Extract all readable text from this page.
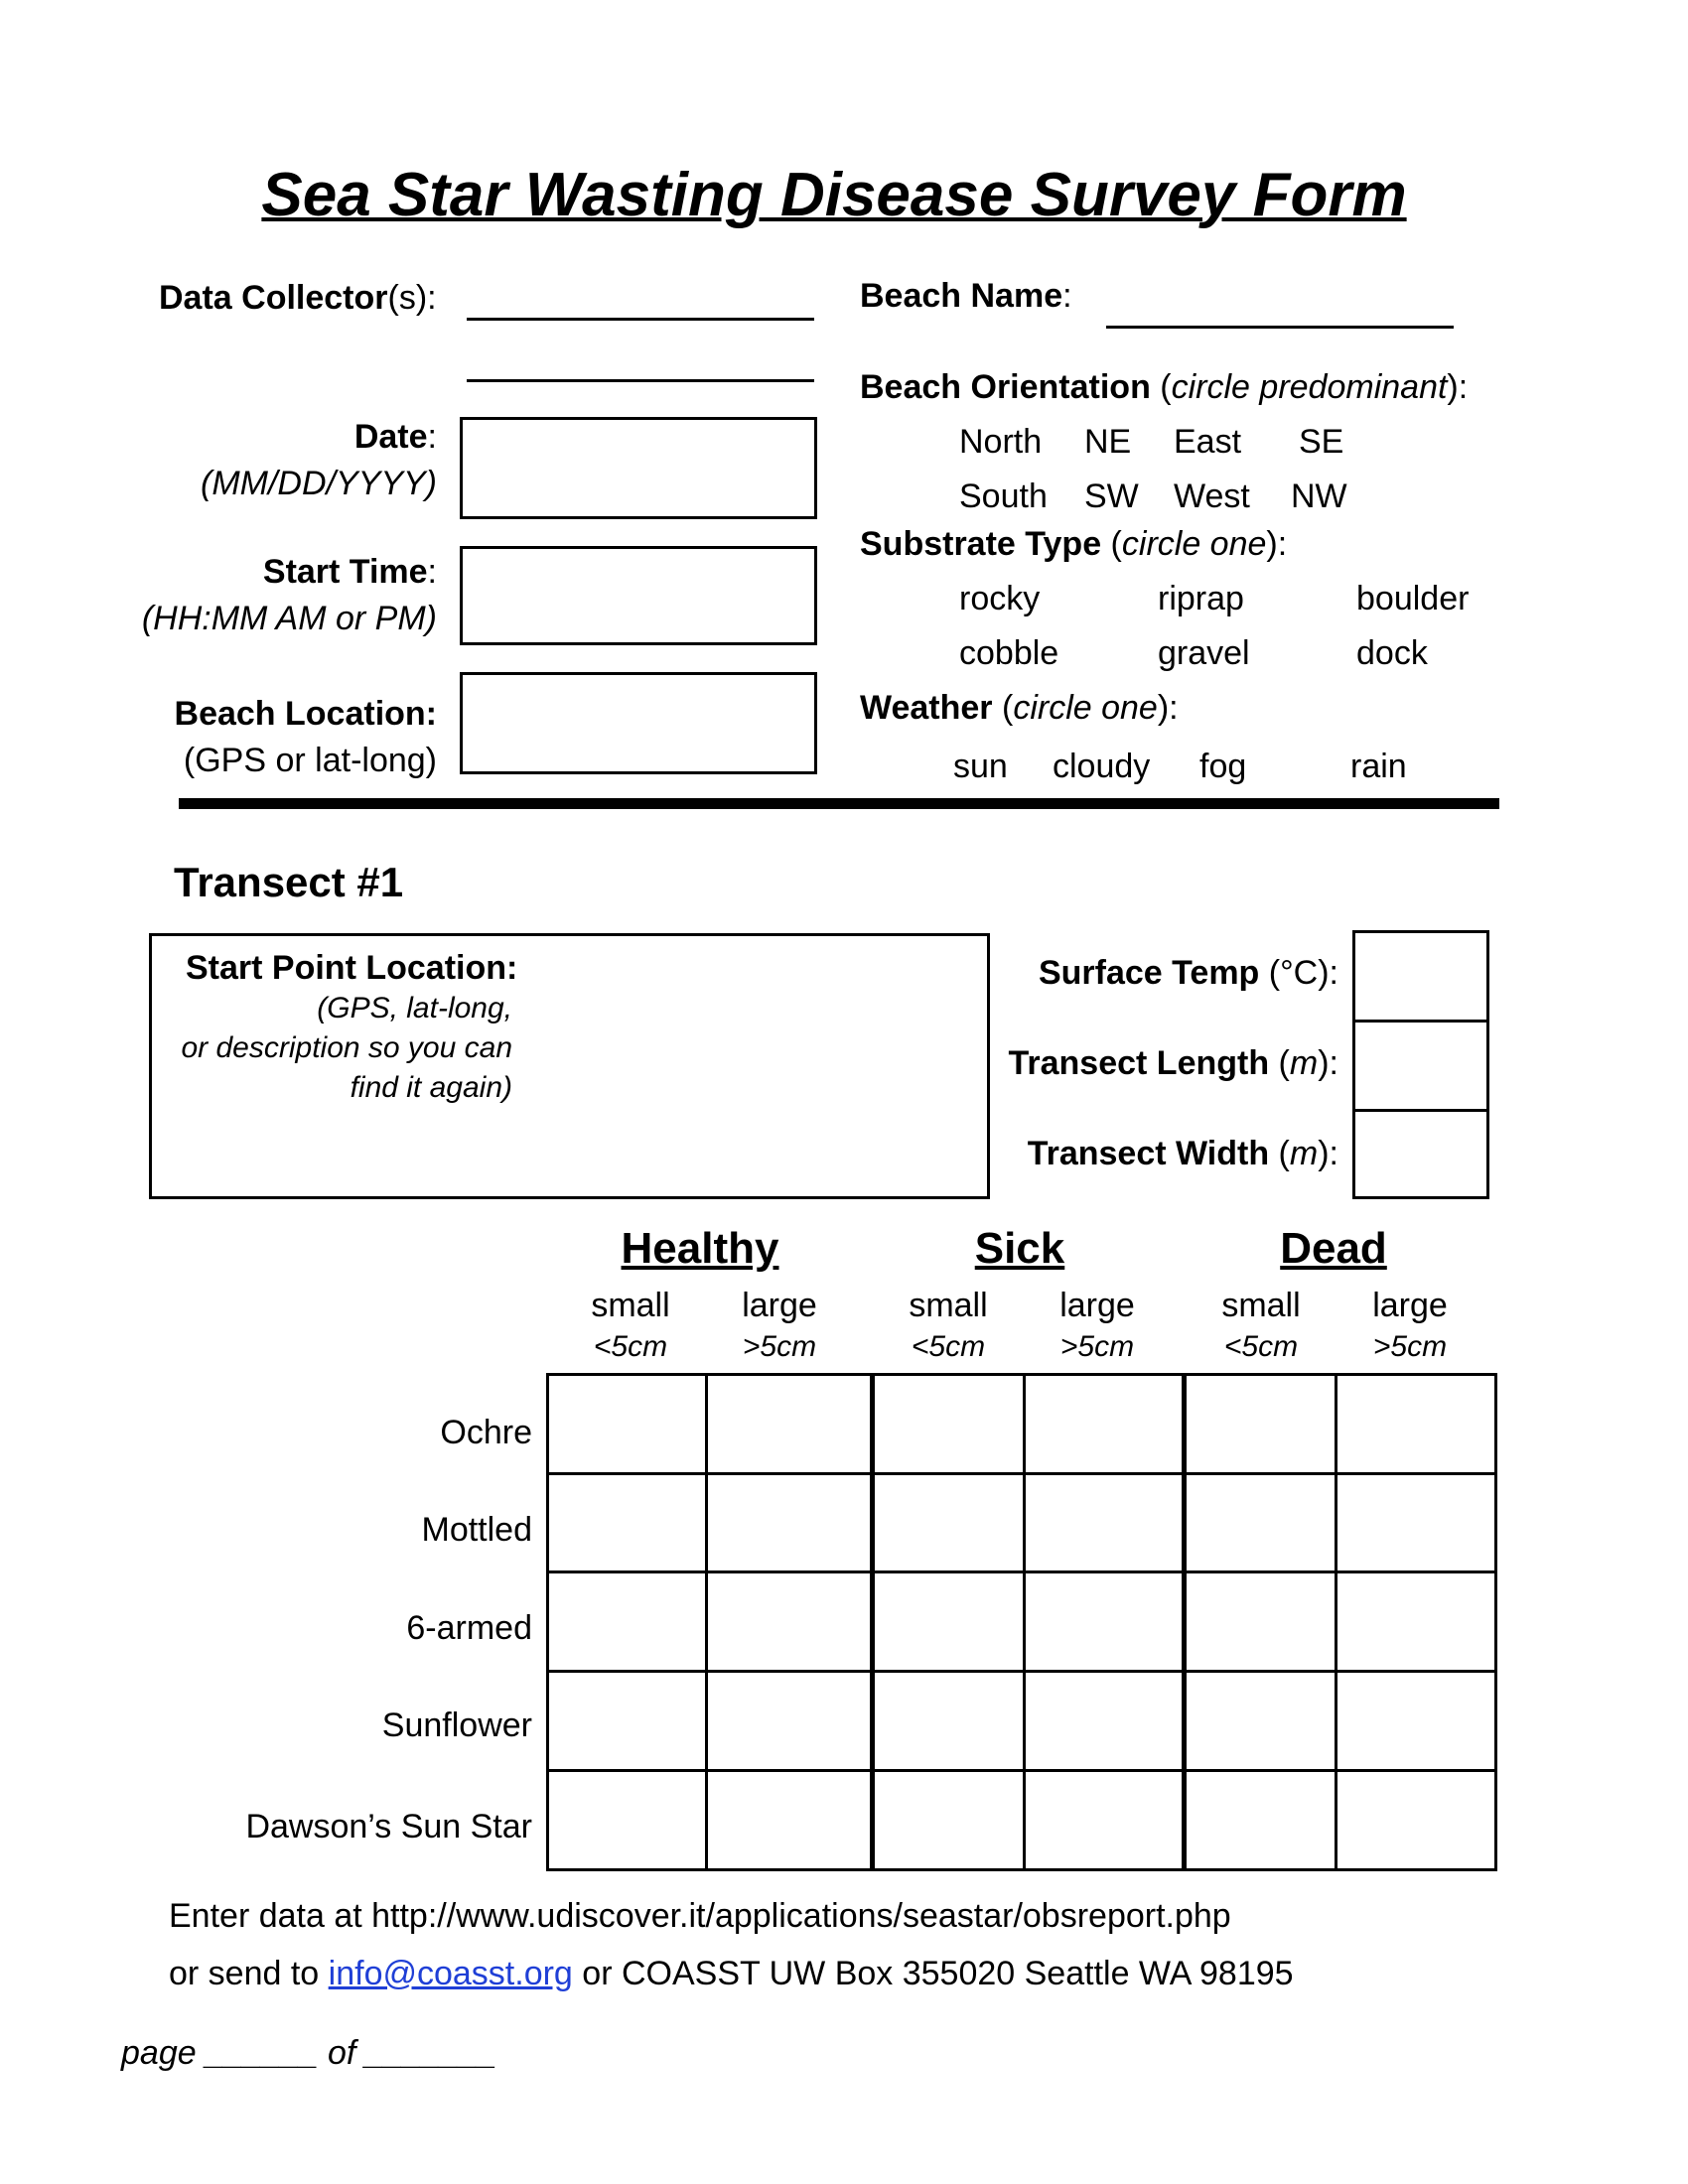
Sea Star Wasting Disease Survey Form
Data Collector(s):
Date:
(MM/DD/YYYY)
Start Time:
(HH:MM AM or PM)
Beach Location:
(GPS or lat-long)
Beach Name:
Beach Orientation (circle predominant):
North NE East SE
South SW West NW
Substrate Type (circle one):
rocky	riprap	boulder
cobble	gravel	dock
Weather (circle one):
sun cloudy fog	rain
Transect #1
Start Point Location:
(GPS, lat-long,
or description so you can
find it again)
Surface Temp (°C):
Transect Length (m):
Transect Width (m):
Healthy	Sick	Dead
small	large	small	large	small	large
<5cm	>5cm	<5cm	>5cm	<5cm	>5cm
Ochre
Mottled
6-armed
Sunflower
Dawson’s Sun Star
Enter data at http://www.udiscover.it/applications/seastar/obsreport.php
or send to info@coasst.org or COASST UW Box 355020 Seattle WA 98195
page ______ of _______
